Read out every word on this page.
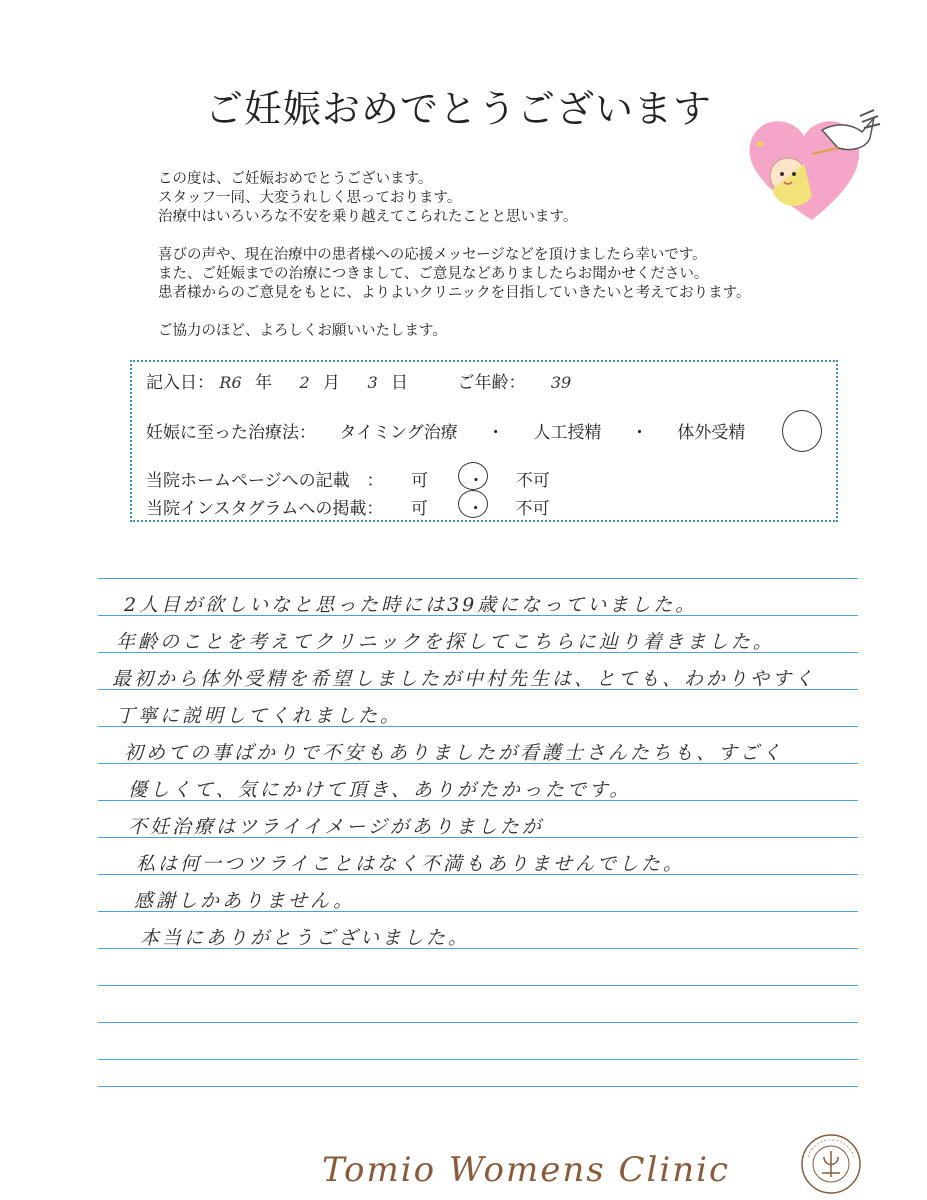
ご妊娠おめでとうございます

この度は、ご妊娠おめでとうございます。

スタッフ一同、大変うれしく思っております。

治療中はいろいろな不安を乗り越えてこられたことと思います。

喜びの声や、現在治療中の患者様への応援メッセージなどを頂けましたら幸いです。

また、ご妊娠までの治療につきまして、ご意見などありましたらお聞かせください。

患者様からのご意見をもとに、よりよいクリニックを目指していきたいと考えております。

ご協力のほど、よろしくお願いいたします。

記入日： R6 年 2 月 3 日	ご年齢： 39
妊娠に至った治療法： タイミング治療 ・ 人工授精 ・ 体外受精
当院ホームページへの記載　： 可 ・ 不可
当院インスタグラムへの掲載： 可 ・ 不可
2人目が欲しいなと思った時には39歳になっていました。
年齢のことを考えてクリニックを探してこちらに辿り着きました。
最初から体外受精を希望しましたが中村先生は、とても、わかりやすく
丁寧に説明してくれました。
初めての事ばかりで不安もありましたが看護士さんたちも、すごく
優しくて、気にかけて頂き、ありがたかったです。
不妊治療はツライイメージがありましたが
私は何一つツライことはなく不満もありませんでした。
感謝しかありません。
本当にありがとうございました。
Tomio Womens Clinic
